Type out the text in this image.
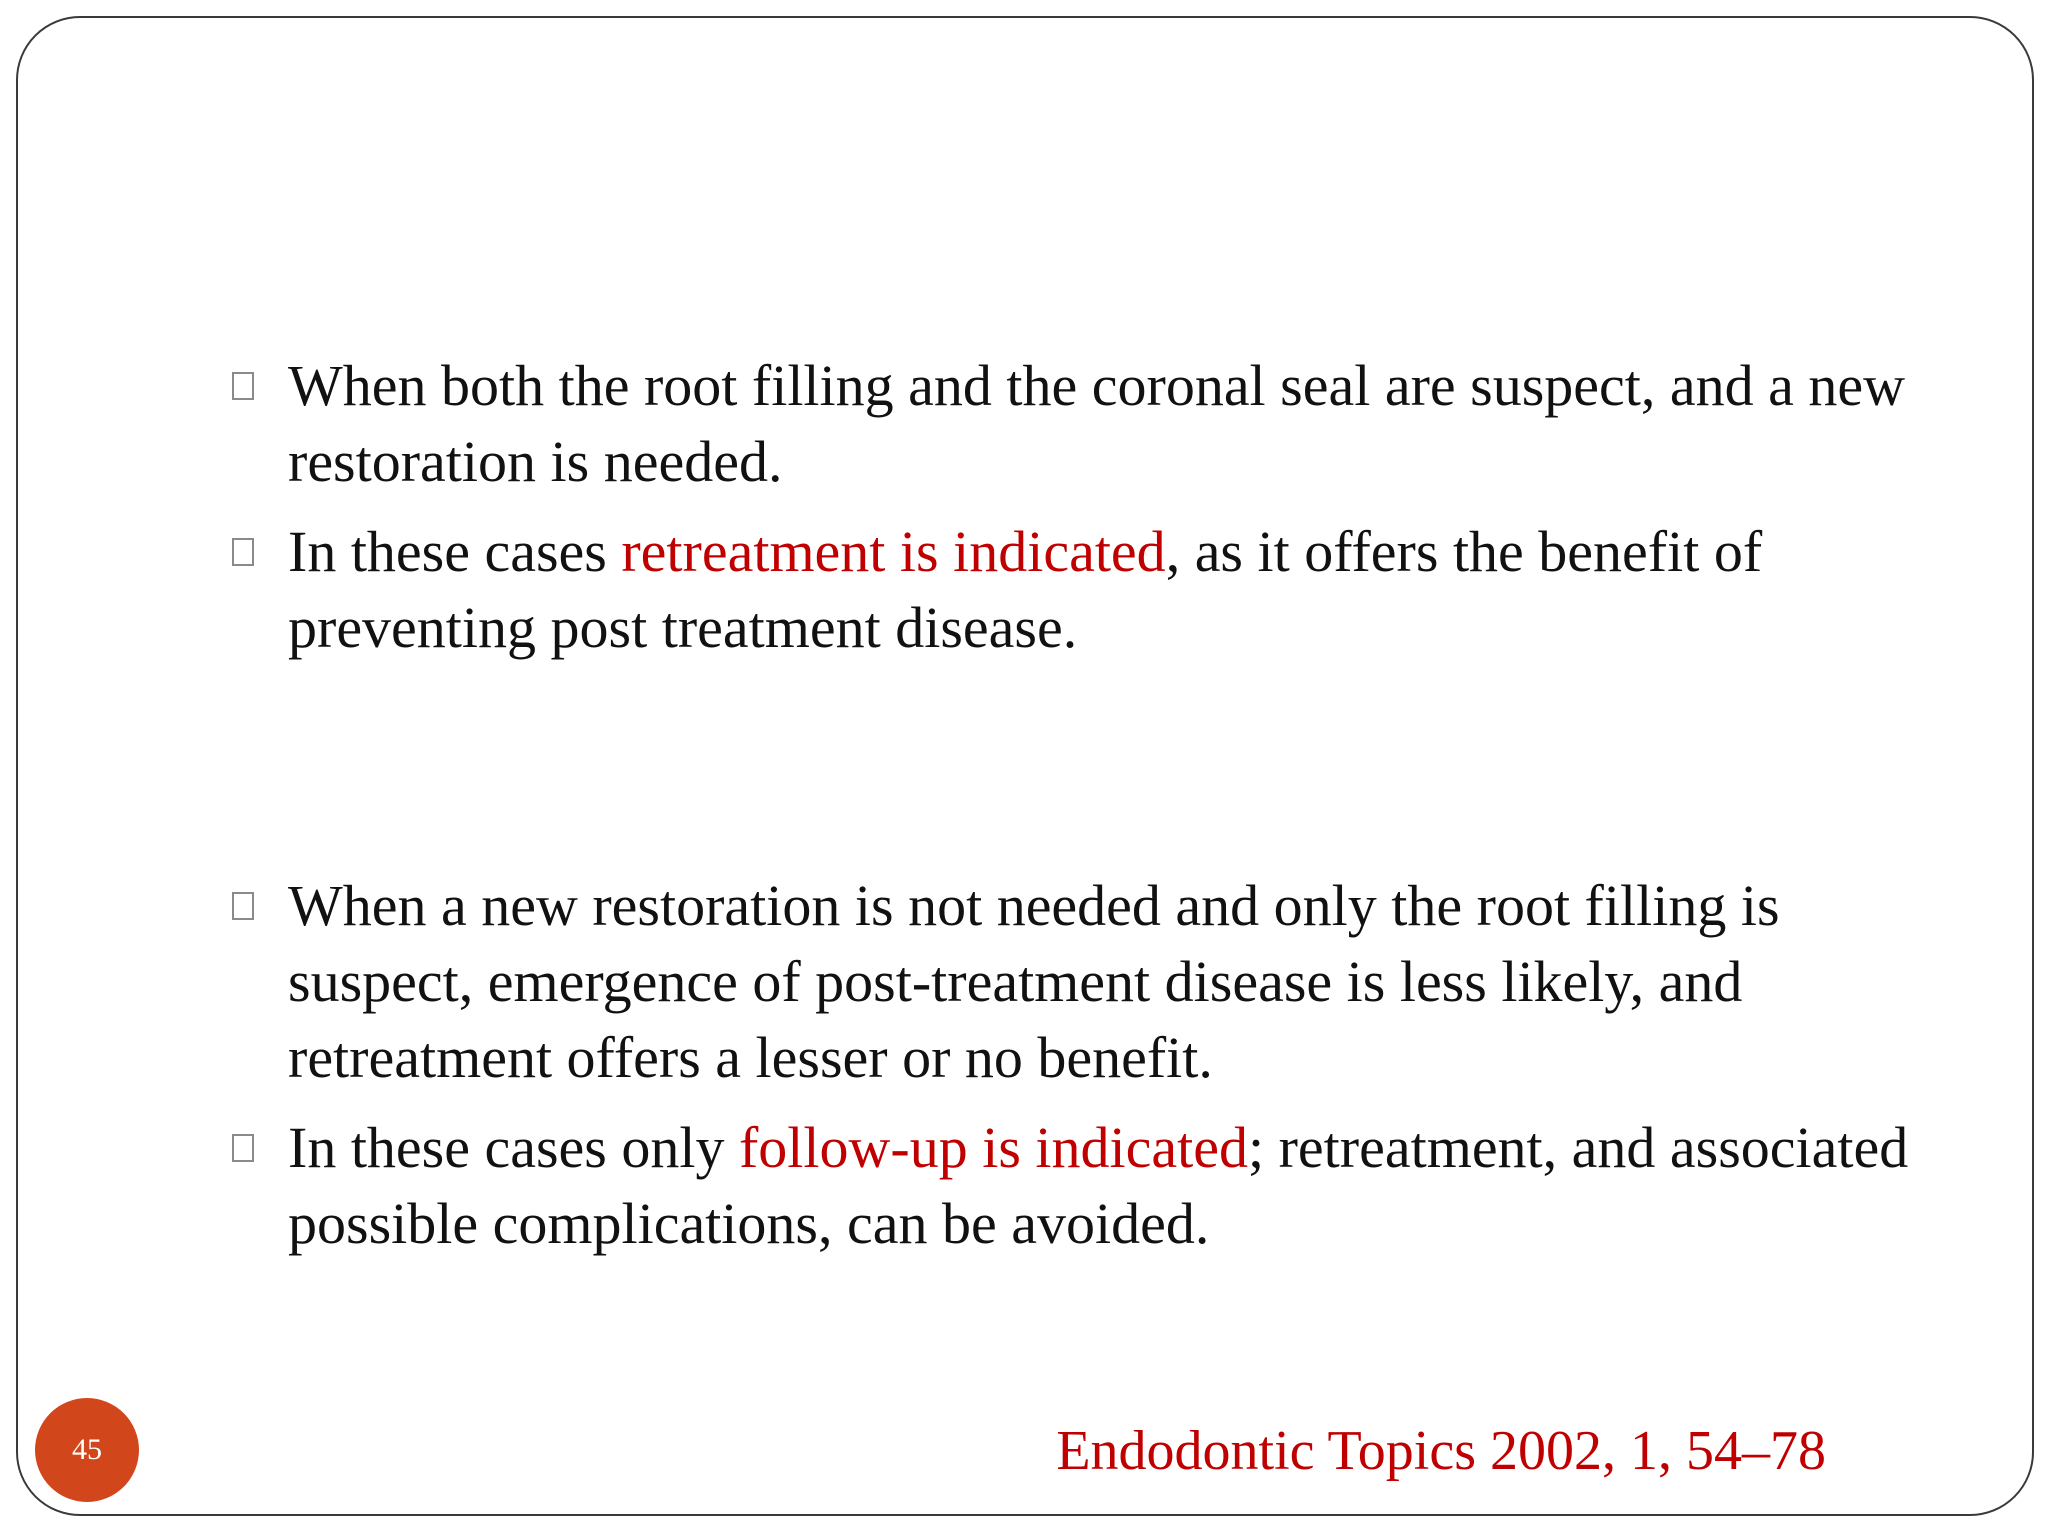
When both the root filling and the coronal seal are suspect, and a new restoration is needed.
In these cases retreatment is indicated, as it offers the benefit of preventing post treatment disease.
When a new restoration is not needed and only the root filling is suspect, emergence of post-treatment disease is less likely, and retreatment offers a lesser or no benefit.
In these cases only follow-up is indicated; retreatment, and associated possible complications, can be avoided.
Endodontic Topics 2002, 1, 54–78
45
